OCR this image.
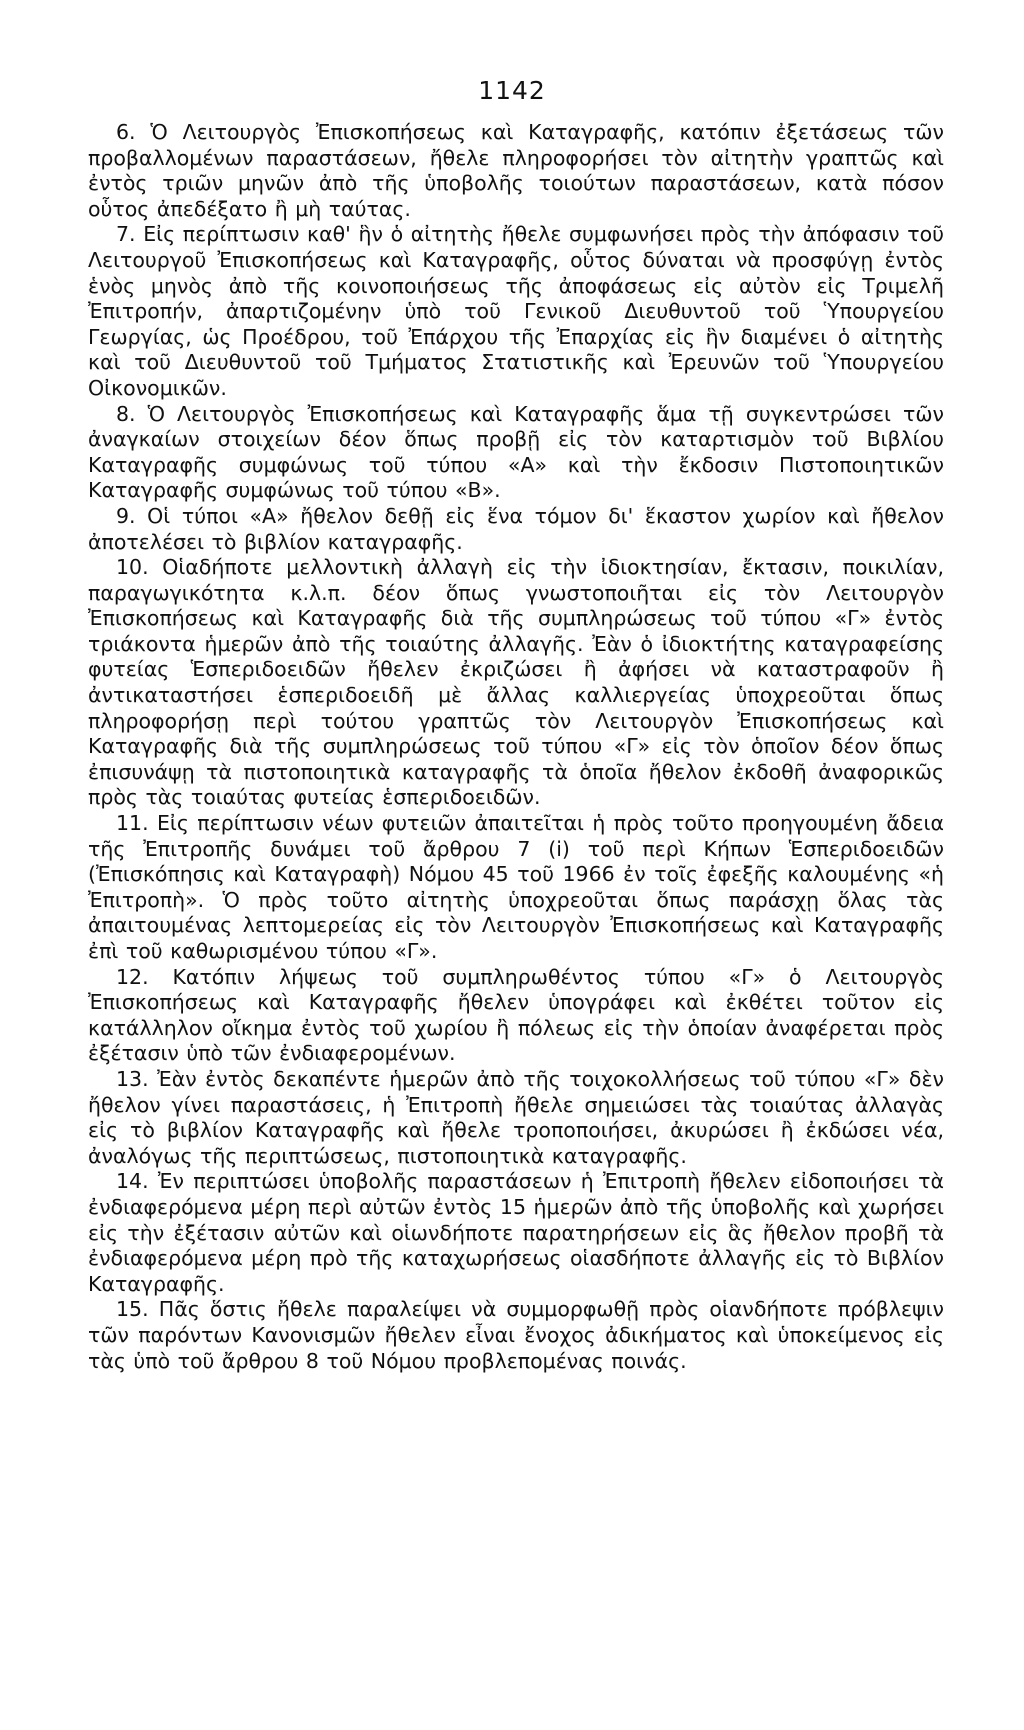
1142

6. Ὁ Λειτουργὸς Ἐπισκοπήσεως καὶ Καταγραφῆς, κατόπιν ἐξετάσεως τῶν προβαλλομένων παραστάσεων, ἤθελε πληροφορήσει τὸν αἰτητὴν γραπτῶς καὶ ἐντὸς τριῶν μηνῶν ἀπὸ τῆς ὑποβολῆς τοιούτων παραστάσεων, κατὰ πόσον οὗτος ἀπεδέξατο ἢ μὴ ταύτας.

7. Εἰς περίπτωσιν καθ' ἣν ὁ αἰτητὴς ἤθελε συμφωνήσει πρὸς τὴν ἀπόφασιν τοῦ Λειτουργοῦ Ἐπισκοπήσεως καὶ Καταγραφῆς, οὗτος δύναται νὰ προσφύγῃ ἐντὸς ἑνὸς μηνὸς ἀπὸ τῆς κοινοποιήσεως τῆς ἀποφάσεως εἰς αὐτὸν εἰς Τριμελῆ Ἐπιτροπήν, ἀπαρτιζομένην ὑπὸ τοῦ Γενικοῦ Διευθυντοῦ τοῦ Ὑπουργείου Γεωργίας, ὡς Προέδρου, τοῦ Ἐπάρχου τῆς Ἐπαρχίας εἰς ἣν διαμένει ὁ αἰτητὴς καὶ τοῦ Διευθυντοῦ τοῦ Τμήματος Στατιστικῆς καὶ Ἐρευνῶν τοῦ Ὑπουργείου Οἰκονομικῶν.

8. Ὁ Λειτουργὸς Ἐπισκοπήσεως καὶ Καταγραφῆς ἅμα τῇ συγκεντρώσει τῶν ἀναγκαίων στοιχείων δέον ὅπως προβῇ εἰς τὸν καταρτισμὸν τοῦ Βιβλίου Καταγραφῆς συμφώνως τοῦ τύπου «Α» καὶ τὴν ἔκδοσιν Πιστοποιητικῶν Καταγραφῆς συμφώνως τοῦ τύπου «Β».

9. Οἱ τύποι «Α» ἤθελον δεθῇ εἰς ἕνα τόμον δι' ἕκαστον χωρίον καὶ ἤθελον ἀποτελέσει τὸ βιβλίον καταγραφῆς.

10. Οἱαδήποτε μελλοντικὴ ἀλλαγὴ εἰς τὴν ἰδιοκτησίαν, ἔκτασιν, ποικιλίαν, παραγωγικότητα κ.λ.π. δέον ὅπως γνωστοποιῆται εἰς τὸν Λειτουργὸν Ἐπισκοπήσεως καὶ Καταγραφῆς διὰ τῆς συμπληρώσεως τοῦ τύπου «Γ» ἐντὸς τριάκοντα ἡμερῶν ἀπὸ τῆς τοιαύτης ἀλλαγῆς. Ἐὰν ὁ ἰδιοκτήτης καταγραφείσης φυτείας Ἑσπεριδοειδῶν ἤθελεν ἐκριζώσει ἢ ἀφήσει νὰ καταστραφοῦν ἢ ἀντικαταστήσει ἑσπεριδοειδῆ μὲ ἄλλας καλλιεργείας ὑποχρεοῦται ὅπως πληροφορήσῃ περὶ τούτου γραπτῶς τὸν Λειτουργὸν Ἐπισκοπήσεως καὶ Καταγραφῆς διὰ τῆς συμπληρώσεως τοῦ τύπου «Γ» εἰς τὸν ὁποῖον δέον ὅπως ἐπισυνάψῃ τὰ πιστοποιητικὰ καταγραφῆς τὰ ὁποῖα ἤθελον ἐκδοθῆ ἀναφορικῶς πρὸς τὰς τοιαύτας φυτείας ἑσπεριδοειδῶν.

11. Εἰς περίπτωσιν νέων φυτειῶν ἀπαιτεῖται ἡ πρὸς τοῦτο προηγουμένη ἄδεια τῆς Ἐπιτροπῆς δυνάμει τοῦ ἄρθρου 7 (i) τοῦ περὶ Κήπων Ἑσπεριδοειδῶν (Ἐπισκόπησις καὶ Καταγραφὴ) Νόμου 45 τοῦ 1966 ἐν τοῖς ἐφεξῆς καλουμένης «ἡ Ἐπιτροπὴ». Ὁ πρὸς τοῦτο αἰτητὴς ὑποχρεοῦται ὅπως παράσχῃ ὅλας τὰς ἀπαιτουμένας λεπτομερείας εἰς τὸν Λειτουργὸν Ἐπισκοπήσεως καὶ Καταγραφῆς ἐπὶ τοῦ καθωρισμένου τύπου «Γ».

12. Κατόπιν λήψεως τοῦ συμπληρωθέντος τύπου «Γ» ὁ Λειτουργὸς Ἐπισκοπήσεως καὶ Καταγραφῆς ἤθελεν ὑπογράφει καὶ ἐκθέτει τοῦτον εἰς κατάλληλον οἴκημα ἐντὸς τοῦ χωρίου ἢ πόλεως εἰς τὴν ὁποίαν ἀναφέρεται πρὸς ἐξέτασιν ὑπὸ τῶν ἐνδιαφερομένων.

13. Ἐὰν ἐντὸς δεκαπέντε ἡμερῶν ἀπὸ τῆς τοιχοκολλήσεως τοῦ τύπου «Γ» δὲν ἤθελον γίνει παραστάσεις, ἡ Ἐπιτροπὴ ἤθελε σημειώσει τὰς τοιαύτας ἀλλαγὰς εἰς τὸ βιβλίον Καταγραφῆς καὶ ἤθελε τροποποιήσει, ἀκυρώσει ἢ ἐκδώσει νέα, ἀναλόγως τῆς περιπτώσεως, πιστοποιητικὰ καταγραφῆς.

14. Ἐν περιπτώσει ὑποβολῆς παραστάσεων ἡ Ἐπιτροπὴ ἤθελεν εἰδοποιήσει τὰ ἐνδιαφερόμενα μέρη περὶ αὐτῶν ἐντὸς 15 ἡμερῶν ἀπὸ τῆς ὑποβολῆς καὶ χωρήσει εἰς τὴν ἐξέτασιν αὐτῶν καὶ οἱωνδήποτε παρατηρήσεων εἰς ἃς ἤθελον προβῆ τὰ ἐνδιαφερόμενα μέρη πρὸ τῆς καταχωρήσεως οἱασδήποτε ἀλλαγῆς εἰς τὸ Βιβλίον Καταγραφῆς.

15. Πᾶς ὅστις ἤθελε παραλείψει νὰ συμμορφωθῇ πρὸς οἱανδήποτε πρόβλεψιν τῶν παρόντων Κανονισμῶν ἤθελεν εἶναι ἔνοχος ἀδικήματος καὶ ὑποκείμενος εἰς τὰς ὑπὸ τοῦ ἄρθρου 8 τοῦ Νόμου προβλεπομένας ποινάς.
